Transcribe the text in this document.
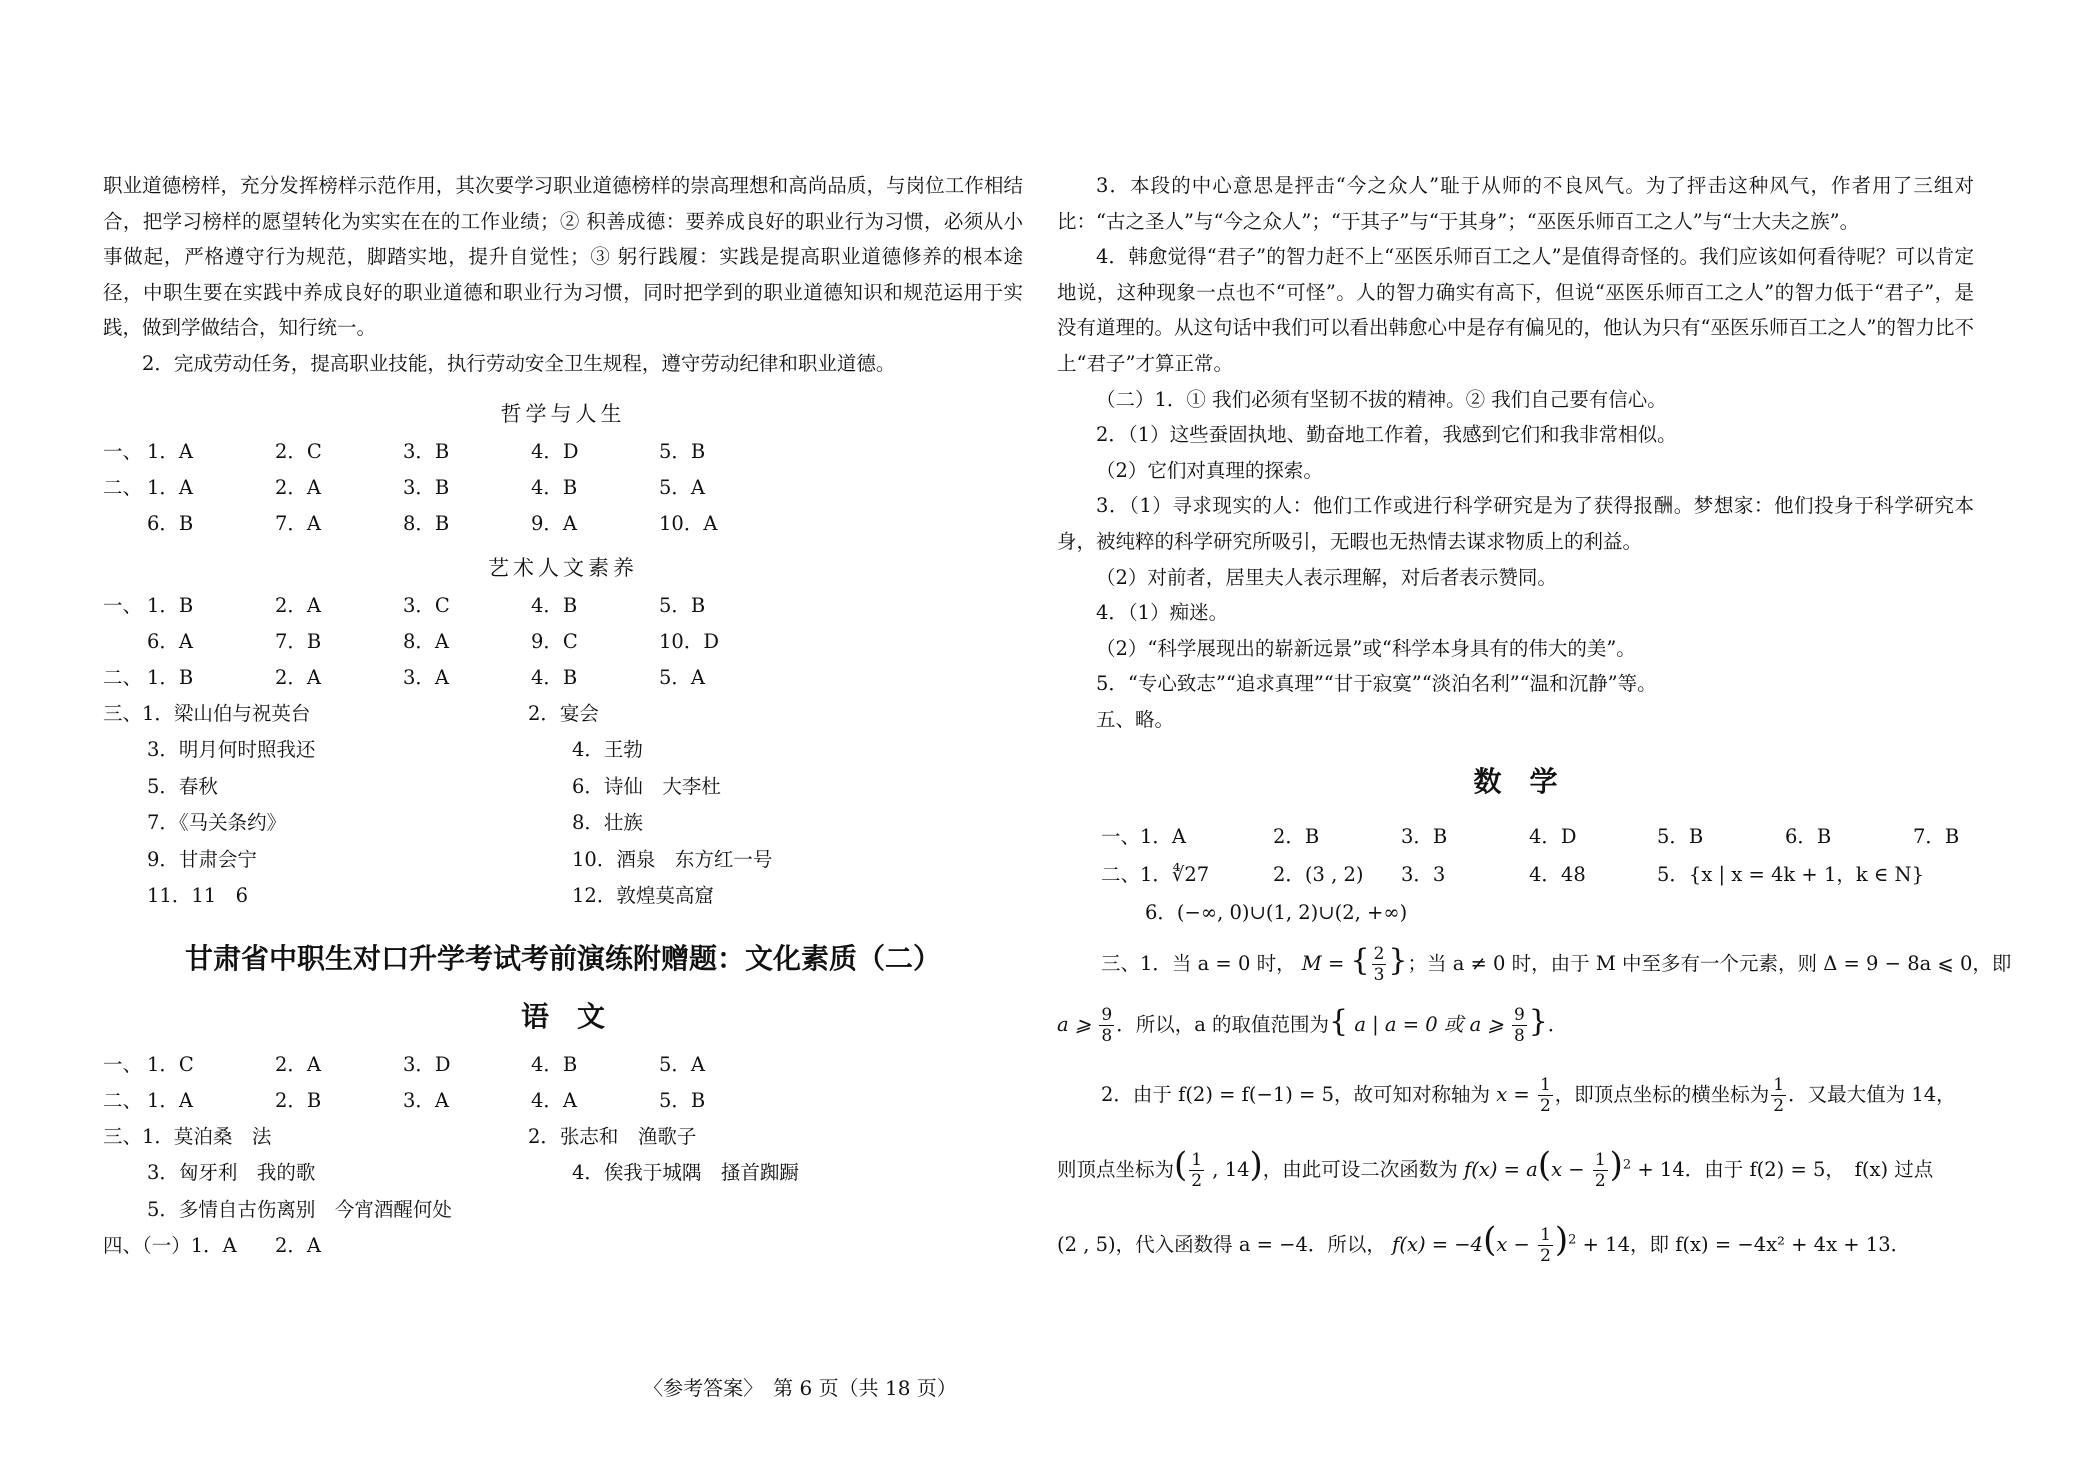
职业道德榜样，充分发挥榜样示范作用，其次要学习职业道德榜样的崇高理想和高尚品质，与岗位工作相结合，把学习榜样的愿望转化为实实在在的工作业绩；② 积善成德：要养成良好的职业行为习惯，必须从小事做起，严格遵守行为规范，脚踏实地，提升自觉性；③ 躬行践履：实践是提高职业道德修养的根本途径，中职生要在实践中养成良好的职业道德和职业行为习惯，同时把学到的职业道德知识和规范运用于实践，做到学做结合，知行统一。

2．完成劳动任务，提高职业技能，执行劳动安全卫生规程，遵守劳动纪律和职业道德。

哲学与人生
一、 1．A	2．C	3．B	4．D	5．B
二、 1．A	2．A	3．B	4．B	5．A
6．B	7．A	8．B	9．A	10．A
艺术人文素养
一、 1．B	2．A	3．C	4．B	5．B
6．A	7．B	8．A	9．C	10．D
二、 1．B	2．A	3．A	4．B	5．A
三、1．梁山伯与祝英台	2．宴会
3．明月何时照我还	4．王勃
5．春秋	6．诗仙　大李杜
7．《马关条约》	8．壮族
9．甘肃会宁	10．酒泉　东方红一号
11．11　6	12．敦煌莫高窟
甘肃省中职生对口升学考试考前演练附赠题：文化素质（二）
语　文
一、 1．C	2．A	3．D	4．B	5．A
二、 1．A	2．B	3．A	4．A	5．B
三、1．莫泊桑　法	2．张志和　渔歌子
3．匈牙利　我的歌	4．俟我于城隅　搔首踟蹰
5．多情自古伤离别　今宵酒醒何处
四、（一）1．A	2．A

3．本段的中心意思是抨击“今之众人”耻于从师的不良风气。为了抨击这种风气，作者用了三组对比：“古之圣人”与“今之众人”；“于其子”与“于其身”；“巫医乐师百工之人”与“士大夫之族”。

4．韩愈觉得“君子”的智力赶不上“巫医乐师百工之人”是值得奇怪的。我们应该如何看待呢？可以肯定地说，这种现象一点也不“可怪”。人的智力确实有高下，但说“巫医乐师百工之人”的智力低于“君子”，是没有道理的。从这句话中我们可以看出韩愈心中是存有偏见的，他认为只有“巫医乐师百工之人”的智力比不上“君子”才算正常。

（二）1．① 我们必须有坚韧不拔的精神。② 我们自己要有信心。

2．（1）这些蚕固执地、勤奋地工作着，我感到它们和我非常相似。

（2）它们对真理的探索。

3．（1）寻求现实的人：他们工作或进行科学研究是为了获得报酬。梦想家：他们投身于科学研究本身，被纯粹的科学研究所吸引，无暇也无热情去谋求物质上的利益。

（2）对前者，居里夫人表示理解，对后者表示赞同。

4．（1）痴迷。

（2）“科学展现出的崭新远景”或“科学本身具有的伟大的美”。

5．“专心致志”“追求真理”“甘于寂寞”“淡泊名利”“温和沉静”等。

五、略。

数　学
一、1．A	2．B	3．B	4．D	5．B	6．B	7．B
二、1．∜27	2．(3 , 2)	3．3	4．48	5．{x | x = 4k + 1，k ∈ N}
6．(−∞, 0)∪(1, 2)∪(2, +∞)
三、1．当 a = 0 时， M = { $\frac{2}{3}$ }；当 a ≠ 0 时，由于 M 中至多有一个元素，则 Δ = 9 − 8a ⩽ 0，即
a ⩾ $\frac{9}{8}$ ．所以，a 的取值范围为{ a | a = 0 或 a ⩾ $\frac{9}{8}$ }．
2．由于 f(2) = f(−1) = 5，故可知对称轴为 $x = \frac{1}{2}$ ，即顶点坐标的横坐标为 $\frac{1}{2}$ ．又最大值为 14，
则顶点坐标为( $\frac{1}{2}$ , 14)，由此可设二次函数为 $f(x) = a(x - \frac{1}{2} )^2 + 14$．由于 f(2) = 5，　f(x) 过点
(2 , 5)，代入函数得 a = −4．所以， $f(x) = -4(x - \frac{1}{2} )^2 + 14$，即 f(x) = −4x² + 4x + 13．
〈参考答案〉　第 6 页（共 18 页）
